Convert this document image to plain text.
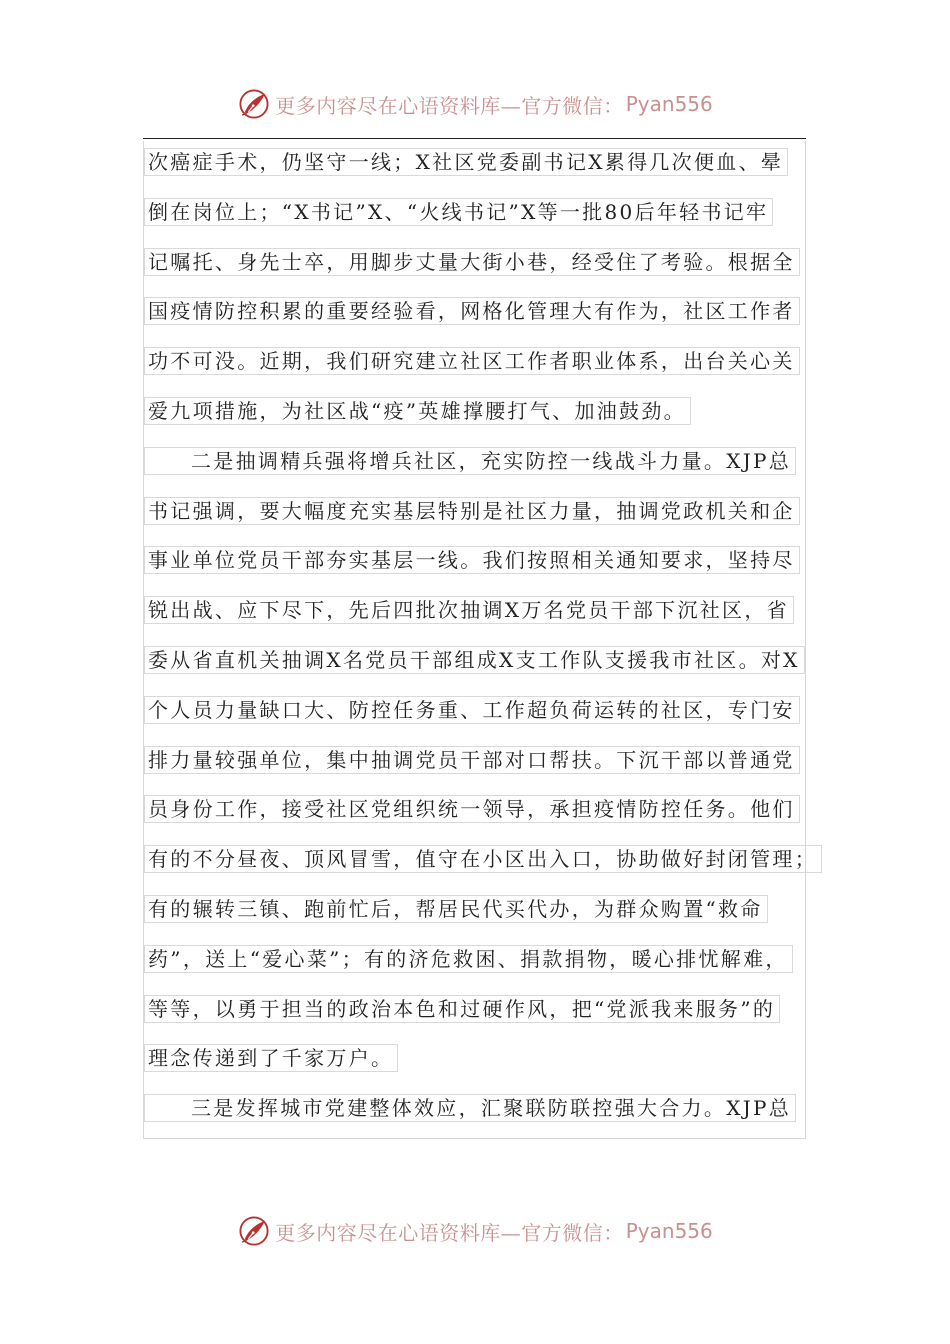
更多内容尽在心语资料库—官方微信： Pyan556
次癌症手术，仍坚守一线；X社区党委副书记X累得几次便血、晕
倒在岗位上；“X书记”X、“火线书记”X等一批80后年轻书记牢
记嘱托、身先士卒，用脚步丈量大街小巷，经受住了考验。根据全
国疫情防控积累的重要经验看，网格化管理大有作为，社区工作者
功不可没。近期，我们研究建立社区工作者职业体系，出台关心关
爱九项措施，为社区战“疫”英雄撑腰打气、加油鼓劲。
二是抽调精兵强将增兵社区，充实防控一线战斗力量。XJP总
书记强调，要大幅度充实基层特别是社区力量，抽调党政机关和企
事业单位党员干部夯实基层一线。我们按照相关通知要求，坚持尽
锐出战、应下尽下，先后四批次抽调X万名党员干部下沉社区，省
委从省直机关抽调X名党员干部组成X支工作队支援我市社区。对X
个人员力量缺口大、防控任务重、工作超负荷运转的社区，专门安
排力量较强单位，集中抽调党员干部对口帮扶。下沉干部以普通党
员身份工作，接受社区党组织统一领导，承担疫情防控任务。他们
有的不分昼夜、顶风冒雪，值守在小区出入口，协助做好封闭管理；
有的辗转三镇、跑前忙后，帮居民代买代办，为群众购置“救命
药”，送上“爱心菜”；有的济危救困、捐款捐物，暖心排忧解难，
等等，以勇于担当的政治本色和过硬作风，把“党派我来服务”的
理念传递到了千家万户。
三是发挥城市党建整体效应，汇聚联防联控强大合力。XJP总
更多内容尽在心语资料库—官方微信： Pyan556
